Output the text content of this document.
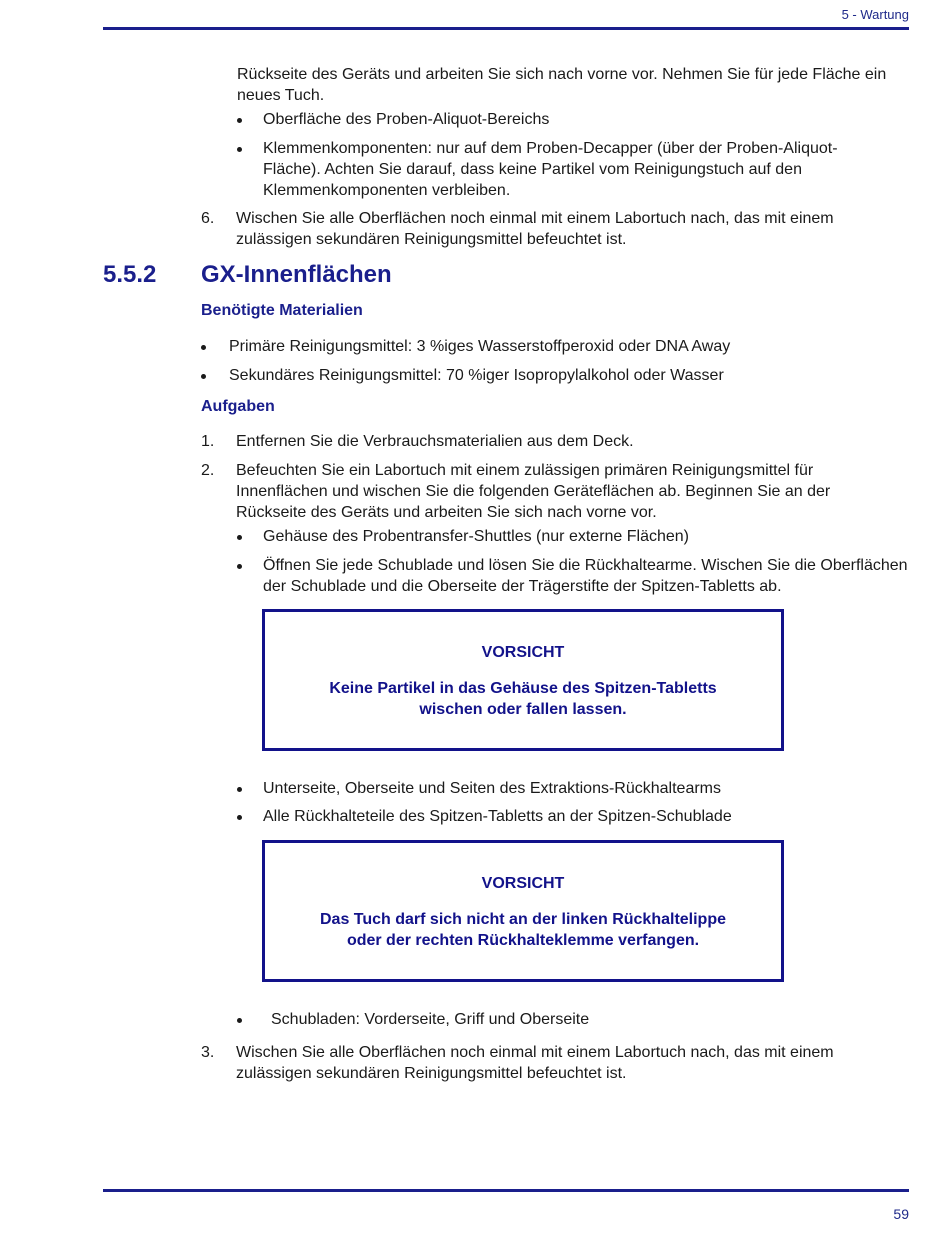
5 - Wartung
Rückseite des Geräts und arbeiten Sie sich nach vorne vor. Nehmen Sie für jede Fläche ein neues Tuch.
Oberfläche des Proben-Aliquot-Bereichs
Klemmenkomponenten: nur auf dem Proben-Decapper (über der Proben-Aliquot-Fläche). Achten Sie darauf, dass keine Partikel vom Reinigungstuch auf den Klemmenkomponenten verbleiben.
6. Wischen Sie alle Oberflächen noch einmal mit einem Labortuch nach, das mit einem zulässigen sekundären Reinigungsmittel befeuchtet ist.
5.5.2 GX-Innenflächen
Benötigte Materialien
Primäre Reinigungsmittel: 3 %iges Wasserstoffperoxid oder DNA Away
Sekundäres Reinigungsmittel: 70 %iger Isopropylalkohol oder Wasser
Aufgaben
1. Entfernen Sie die Verbrauchsmaterialien aus dem Deck.
2. Befeuchten Sie ein Labortuch mit einem zulässigen primären Reinigungsmittel für Innenflächen und wischen Sie die folgenden Geräteflächen ab. Beginnen Sie an der Rückseite des Geräts und arbeiten Sie sich nach vorne vor.
Gehäuse des Probentransfer-Shuttles (nur externe Flächen)
Öffnen Sie jede Schublade und lösen Sie die Rückhaltearme. Wischen Sie die Oberflächen der Schublade und die Oberseite der Trägerstifte der Spitzen-Tabletts ab.
VORSICHT
Keine Partikel in das Gehäuse des Spitzen-Tabletts wischen oder fallen lassen.
Unterseite, Oberseite und Seiten des Extraktions-Rückhaltearms
Alle Rückhalteteile des Spitzen-Tabletts an der Spitzen-Schublade
VORSICHT
Das Tuch darf sich nicht an der linken Rückhaltelippe oder der rechten Rückhalteklemme verfangen.
Schubladen: Vorderseite, Griff und Oberseite
3. Wischen Sie alle Oberflächen noch einmal mit einem Labortuch nach, das mit einem zulässigen sekundären Reinigungsmittel befeuchtet ist.
59
